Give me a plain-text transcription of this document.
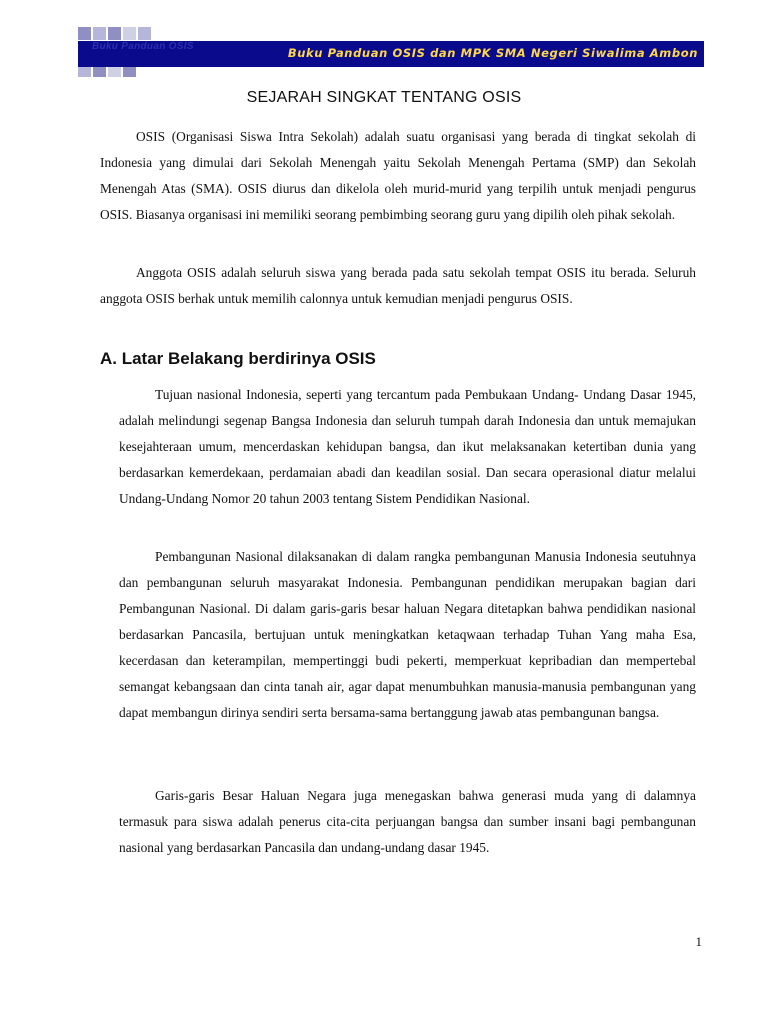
Buku Panduan OSIS	Buku Panduan OSIS dan MPK SMA Negeri Siwalima Ambon
SEJARAH SINGKAT TENTANG OSIS

OSIS (Organisasi Siswa Intra Sekolah) adalah suatu organisasi yang berada di tingkat sekolah di Indonesia yang dimulai dari Sekolah Menengah yaitu Sekolah Menengah Pertama (SMP) dan Sekolah Menengah Atas (SMA). OSIS diurus dan dikelola oleh murid-murid yang terpilih untuk menjadi pengurus OSIS. Biasanya organisasi ini memiliki seorang pembimbing seorang guru yang dipilih oleh pihak sekolah.

Anggota OSIS adalah seluruh siswa yang berada pada satu sekolah tempat OSIS itu berada. Seluruh anggota OSIS berhak untuk memilih calonnya untuk kemudian menjadi pengurus OSIS.

A. Latar Belakang berdirinya OSIS

Tujuan nasional Indonesia, seperti yang tercantum pada Pembukaan Undang- Undang Dasar 1945, adalah melindungi segenap Bangsa Indonesia dan seluruh tumpah darah Indonesia dan untuk memajukan kesejahteraan umum, mencerdaskan kehidupan bangsa, dan ikut melaksanakan ketertiban dunia yang berdasarkan kemerdekaan, perdamaian abadi dan keadilan sosial. Dan secara operasional diatur melalui Undang-Undang Nomor 20 tahun 2003 tentang Sistem Pendidikan Nasional.

Pembangunan Nasional dilaksanakan di dalam rangka pembangunan Manusia Indonesia seutuhnya dan pembangunan seluruh masyarakat Indonesia. Pembangunan pendidikan merupakan bagian dari Pembangunan Nasional. Di dalam garis-garis besar haluan Negara ditetapkan bahwa pendidikan nasional berdasarkan Pancasila, bertujuan untuk meningkatkan ketaqwaan terhadap Tuhan Yang maha Esa, kecerdasan dan keterampilan, mempertinggi budi pekerti, memperkuat kepribadian dan mempertebal semangat kebangsaan dan cinta tanah air, agar dapat menumbuhkan manusia-manusia pembangunan yang dapat membangun dirinya sendiri serta bersama-sama bertanggung jawab atas pembangunan bangsa.

Garis-garis Besar Haluan Negara juga menegaskan bahwa generasi muda yang di dalamnya termasuk para siswa adalah penerus cita-cita perjuangan bangsa dan sumber insani bagi pembangunan nasional yang berdasarkan Pancasila dan undang-undang dasar 1945.

1
